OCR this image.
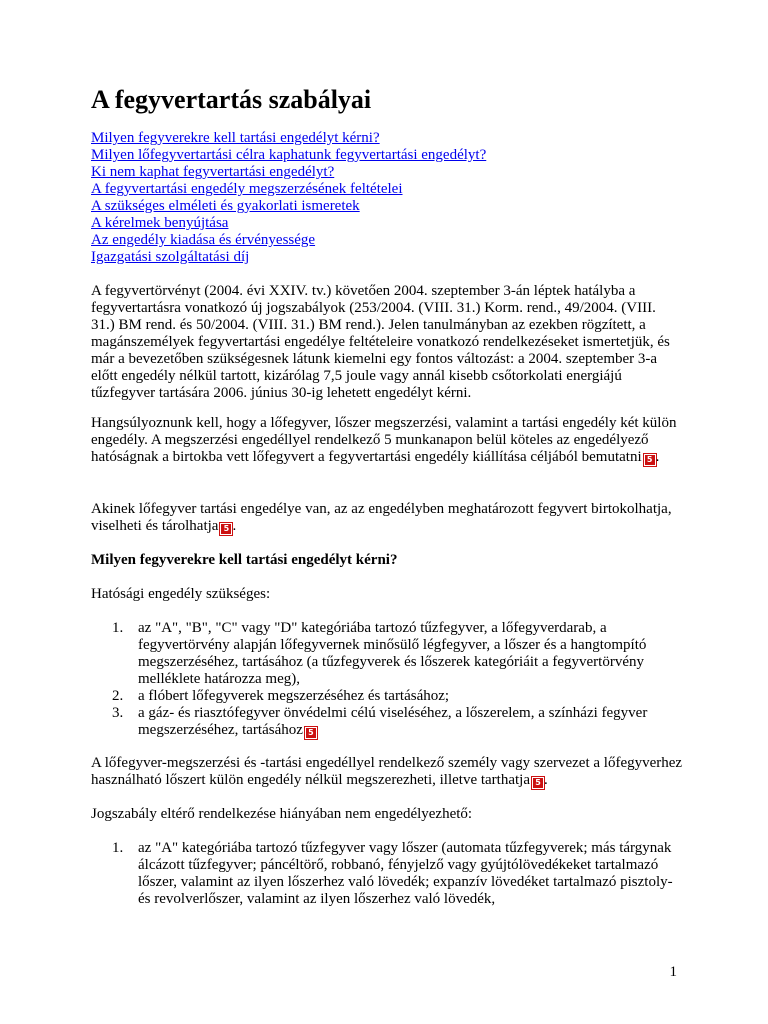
A fegyvertartás szabályai
Milyen fegyverekre kell tartási engedélyt kérni?
Milyen lőfegyvertartási célra kaphatunk fegyvertartási engedélyt?
Ki nem kaphat fegyvertartási engedélyt?
A fegyvertartási engedély megszerzésének feltételei
A szükséges elméleti és gyakorlati ismeretek
A kérelmek benyújtása
Az engedély kiadása és érvényessége
Igazgatási szolgáltatási díj

A fegyvertörvényt (2004. évi XXIV. tv.) követően 2004. szeptember 3-án léptek hatályba a fegyvertartásra vonatkozó új jogszabályok (253/2004. (VIII. 31.) Korm. rend., 49/2004. (VIII. 31.) BM rend. és 50/2004. (VIII. 31.) BM rend.). Jelen tanulmányban az ezekben rögzített, a magánszemélyek fegyvertartási engedélye feltételeire vonatkozó rendelkezéseket ismertetjük, és már a bevezetőben szükségesnek látunk kiemelni egy fontos változást: a 2004. szeptember 3-a előtt engedély nélkül tartott, kizárólag 7,5 joule vagy annál kisebb csőtorkolati energiájú tűzfegyver tartására 2006. június 30-ig lehetett engedélyt kérni.

Hangsúlyoznunk kell, hogy a lőfegyver, lőszer megszerzési, valamint a tartási engedély két külön engedély. A megszerzési engedéllyel rendelkező 5 munkanapon belül köteles az engedélyező hatóságnak a birtokba vett lőfegyvert a fegyvertartási engedély kiállítása céljából bemutatni 5 .

Akinek lőfegyver tartási engedélye van, az az engedélyben meghatározott fegyvert birtokolhatja, viselheti és tárolhatja 5 .

Milyen fegyverekre kell tartási engedélyt kérni?

Hatósági engedély szükséges:

1. az "A", "B", "C" vagy "D" kategóriába tartozó tűzfegyver, a lőfegyverdarab, a fegyvertörvény alapján lőfegyvernek minősülő légfegyver, a lőszer és a hangtompító megszerzéséhez, tartásához (a tűzfegyverek és lőszerek kategóriáit a fegyvertörvény melléklete határozza meg),
2. a flóbert lőfegyverek megszerzéséhez és tartásához;
3. a gáz- és riasztófegyver önvédelmi célú viseléséhez, a lőszerelem, a színházi fegyver megszerzéséhez, tartásához 5

A lőfegyver-megszerzési és -tartási engedéllyel rendelkező személy vagy szervezet a lőfegyverhez használható lőszert külön engedély nélkül megszerezheti, illetve tarthatja 5 .

Jogszabály eltérő rendelkezése hiányában nem engedélyezhető:

1. az "A" kategóriába tartozó tűzfegyver vagy lőszer (automata tűzfegyverek; más tárgynak álcázott tűzfegyver; páncéltörő, robbanó, fényjelző vagy gyújtólövedékeket tartalmazó lőszer, valamint az ilyen lőszerhez való lövedék; expanzív lövedéket tartalmazó pisztoly- és revolverlőszer, valamint az ilyen lőszerhez való lövedék,
1
